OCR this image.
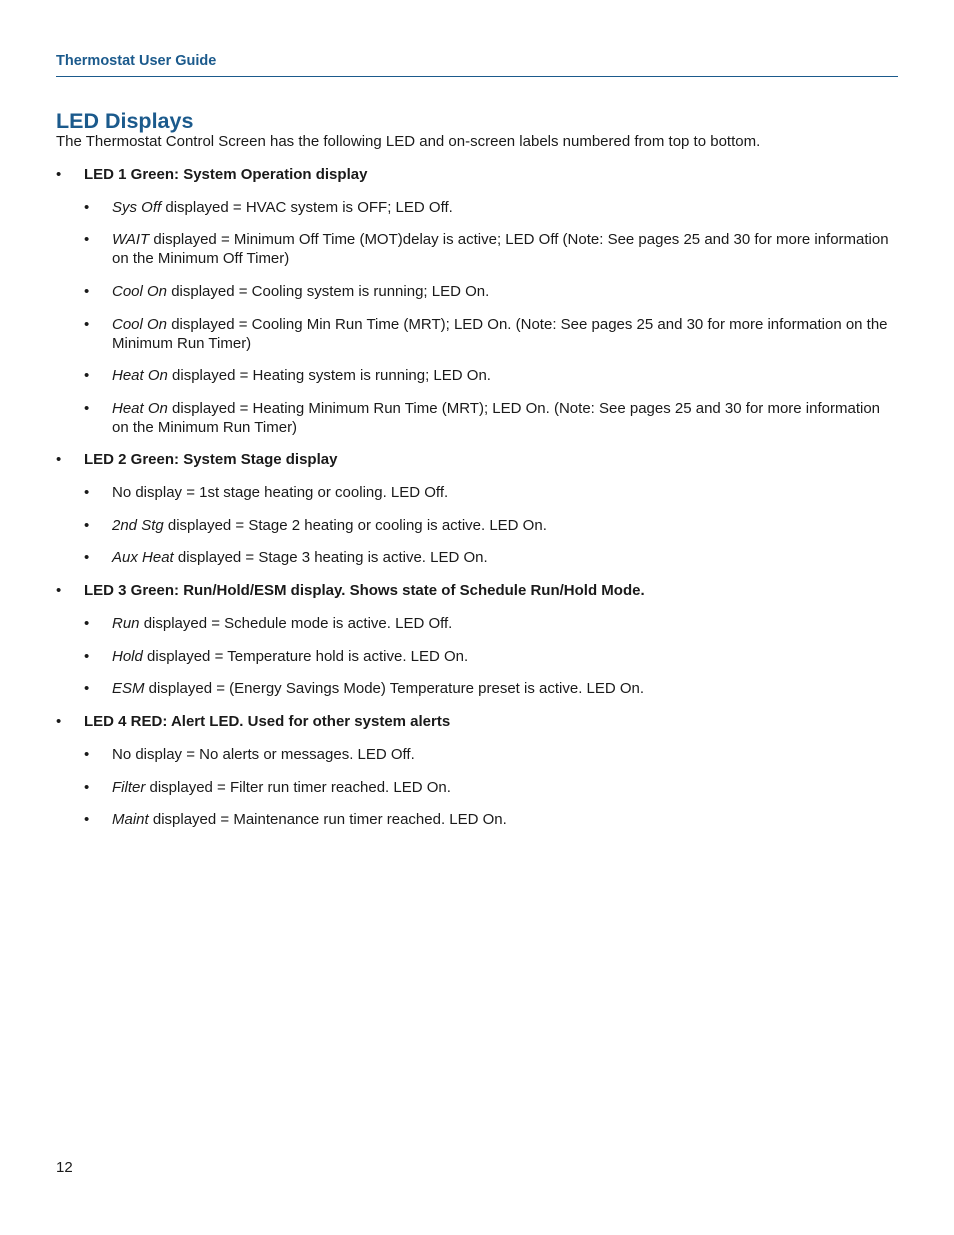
Thermostat User Guide
LED Displays

The Thermostat Control Screen has the following LED and on-screen labels numbered from top to bottom.

• LED 1 Green: System Operation display
• Sys Off displayed = HVAC system is OFF; LED Off.
• WAIT displayed = Minimum Off Time (MOT)delay is active; LED Off (Note: See pages 25 and 30 for more information on the Minimum Off Timer)
• Cool On displayed = Cooling system is running; LED On.
• Cool On displayed = Cooling Min Run Time (MRT); LED On. (Note: See pages 25 and 30 for more information on the Minimum Run Timer)
• Heat On displayed = Heating system is running; LED On.
• Heat On displayed = Heating Minimum Run Time (MRT); LED On. (Note: See pages 25 and 30 for more information on the Minimum Run Timer)
• LED 2 Green: System Stage display
• No display = 1st stage heating or cooling. LED Off.
• 2nd Stg displayed = Stage 2 heating or cooling is active. LED On.
• Aux Heat displayed = Stage 3 heating is active. LED On.
• LED 3 Green: Run/Hold/ESM display. Shows state of Schedule Run/Hold Mode.
• Run displayed = Schedule mode is active. LED Off.
• Hold displayed = Temperature hold is active. LED On.
• ESM displayed = (Energy Savings Mode) Temperature preset is active. LED On.
• LED 4 RED: Alert LED. Used for other system alerts
• No display = No alerts or messages. LED Off.
• Filter displayed = Filter run timer reached. LED On.
• Maint displayed = Maintenance run timer reached. LED On.
12
